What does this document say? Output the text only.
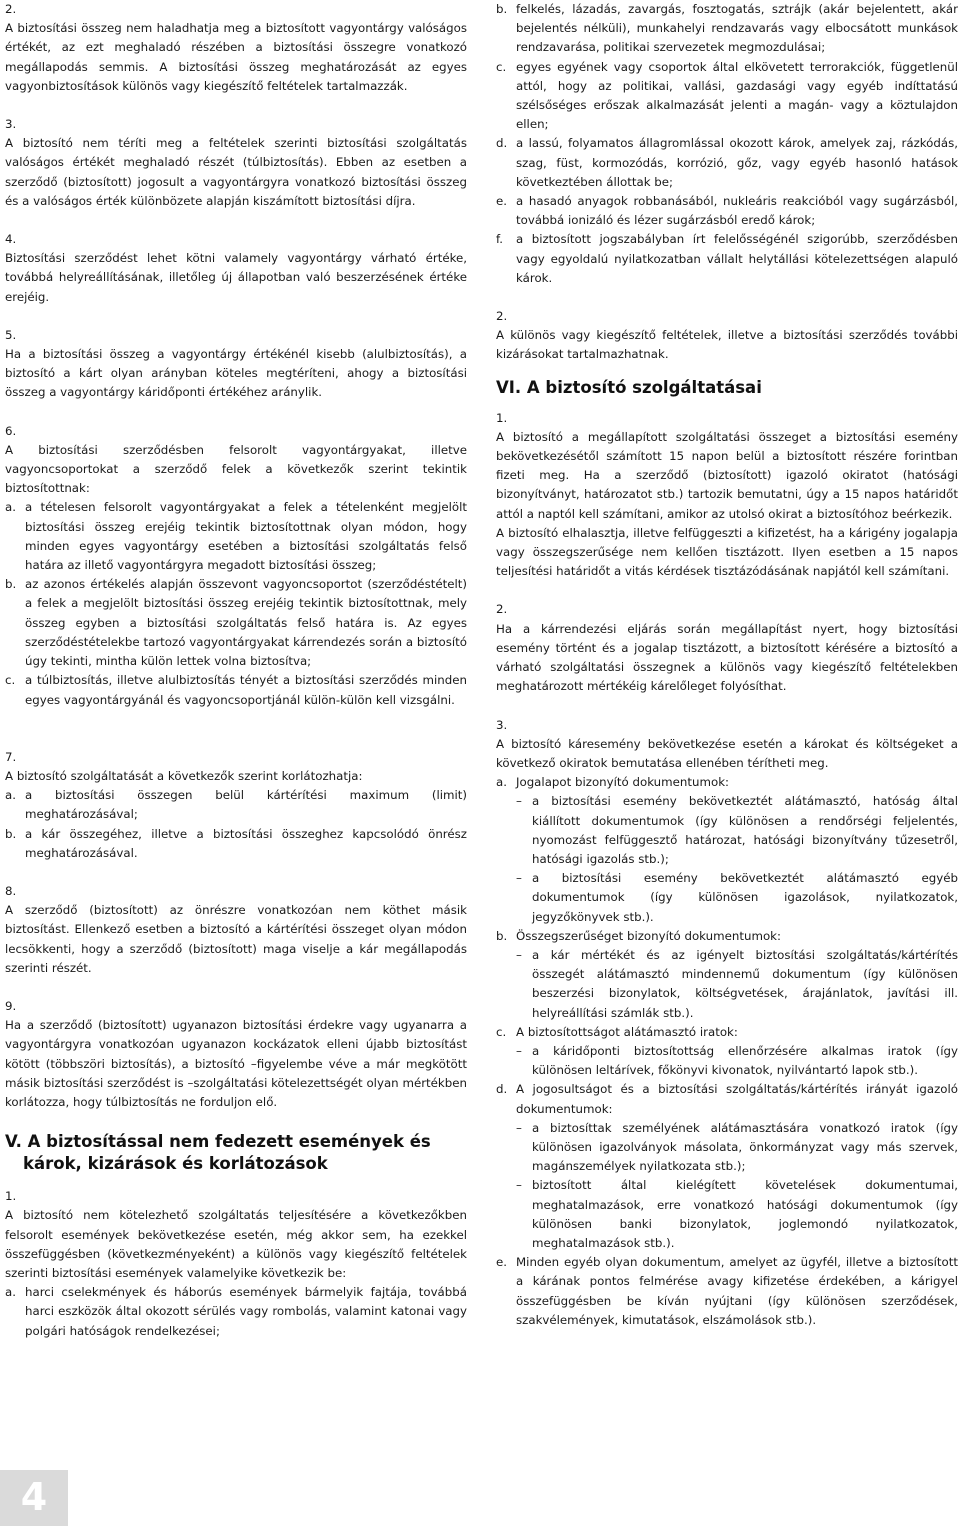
2.

A biztosítási összeg nem haladhatja meg a biztosított vagyontárgy valóságos értékét, az ezt meghaladó részében a biztosítási összegre vonatkozó megállapodás semmis. A biztosítási összeg meghatározását az egyes vagyonbiztosítások különös vagy kiegészítő feltételek tartalmazzák.

3.

A biztosító nem téríti meg a feltételek szerinti biztosítási szolgáltatás valóságos értékét meghaladó részét (túlbiztosítás). Ebben az esetben a szerződő (biztosított) jogosult a vagyontárgyra vonatkozó biztosítási összeg és a valóságos érték különbözete alapján kiszámított biztosítási díjra.

4.

Biztosítási szerződést lehet kötni valamely vagyontárgy várható értéke, továbbá helyreállításának, illetőleg új állapotban való beszerzésének értéke erejéig.

5.

Ha a biztosítási összeg a vagyontárgy értékénél kisebb (alulbiztosítás), a biztosító a kárt olyan arányban köteles megtéríteni, ahogy a biztosítási összeg a vagyontárgy káridőponti értékéhez aránylik.

6.

A biztosítási szerződésben felsorolt vagyontárgyakat, illetve vagyoncsoportokat a szerződő felek a következők szerint tekintik biztosítottnak:

a. a tételesen felsorolt vagyontárgyakat a felek a tételenként megjelölt biztosítási összeg erejéig tekintik biztosítottnak olyan módon, hogy minden egyes vagyontárgy esetében a biztosítási szolgáltatás felső határa az illető vagyontárgyra megadott biztosítási összeg;
b. az azonos értékelés alapján összevont vagyoncsoportot (szerződéstételt) a felek a megjelölt biztosítási összeg erejéig tekintik biztosítottnak, mely összeg egyben a biztosítási szolgáltatás felső határa is. Az egyes szerződéstételekbe tartozó vagyontárgyakat kárrendezés során a biztosító úgy tekinti, mintha külön lettek volna biztosítva;
c. a túlbiztosítás, illetve alulbiztosítás tényét a biztosítási szerződés minden egyes vagyontárgyánál és vagyoncsoportjánál külön-külön kell vizsgálni.

7.

A biztosító szolgáltatását a következők szerint korlátozhatja:

a. a biztosítási összegen belül kártérítési maximum (limit) meghatározásával;
b. a kár összegéhez, illetve a biztosítási összeghez kapcsolódó önrész meghatározásával.

8.

A szerződő (biztosított) az önrészre vonatkozóan nem köthet másik biztosítást. Ellenkező esetben a biztosító a kártérítési összeget olyan módon lecsökkenti, hogy a szerződő (biztosított) maga viselje a kár megállapodás szerinti részét.

9.

Ha a szerződő (biztosított) ugyanazon biztosítási érdekre vagy ugyanarra a vagyontárgyra vonatkozóan ugyanazon kockázatok elleni újabb biztosítást kötött (többszöri biztosítás), a biztosító –figyelembe véve a már megkötött másik biztosítási szerződést is –szolgáltatási kötelezettségét olyan mértékben korlátozza, hogy túlbiztosítás ne forduljon elő.

V. A biztosítással nem fedezett események és károk, kizárások és korlátozások

1.

A biztosító nem kötelezhető szolgáltatás teljesítésére a következőkben felsorolt események bekövetkezése esetén, még akkor sem, ha ezekkel összefüggésben (következményeként) a különös vagy kiegészítő feltételek szerinti biztosítási események valamelyike következik be:

a. harci cselekmények és háborús események bármelyik fajtája, továbbá harci eszközök által okozott sérülés vagy rombolás, valamint katonai vagy polgári hatóságok rendelkezései;
b. felkelés, lázadás, zavargás, fosztogatás, sztrájk (akár bejelentett, akár bejelentés nélküli), munkahelyi rendzavarás vagy elbocsátott munkások rendzavarása, politikai szervezetek megmozdulásai;
c. egyes egyének vagy csoportok által elkövetett terrorakciók, függetlenül attól, hogy az politikai, vallási, gazdasági vagy egyéb indíttatású szélsőséges erőszak alkalmazását jelenti a magán- vagy a köztulajdon ellen;
d. a lassú, folyamatos állagromlással okozott károk, amelyek zaj, rázkódás, szag, füst, kormozódás, korrózió, gőz, vagy egyéb hasonló hatások következtében állottak be;
e. a hasadó anyagok robbanásából, nukleáris reakcióból vagy sugárzásból, továbbá ionizáló és lézer sugárzásból eredő károk;
f.	a biztosított jogszabályban írt felelősségénél szigorúbb, szerződésben vagy egyoldalú nyilatkozatban vállalt helytállási kötelezettségen alapuló károk.

2.

A különös vagy kiegészítő feltételek, illetve a biztosítási szerződés további kizárásokat tartalmazhatnak.

VI. A biztosító szolgáltatásai

1.

A biztosító a megállapított szolgáltatási összeget a biztosítási esemény bekövetkezésétől számított 15 napon belül a biztosított részére forintban fizeti meg. Ha a szerződő (biztosított) igazoló okiratot (hatósági bizonyítványt, határozatot stb.) tartozik bemutatni, úgy a 15 napos határidőt attól a naptól kell számítani, amikor az utolsó okirat a biztosítóhoz beérkezik.

A biztosító elhalasztja, illetve felfüggeszti a kifizetést, ha a kárigény jogalapja vagy összegszerűsége nem kellően tisztázott. Ilyen esetben a 15 napos teljesítési határidőt a vitás kérdések tisztázódásának napjától kell számítani.

2.

Ha a kárrendezési eljárás során megállapítást nyert, hogy biztosítási esemény történt és a jogalap tisztázott, a biztosított kérésére a biztosító a várható szolgáltatási összegnek a különös vagy kiegészítő feltételekben meghatározott mértékéig kárelőleget folyósíthat.

3.

A biztosító káresemény bekövetkezése esetén a károkat és költségeket a következő okiratok bemutatása ellenében térítheti meg.

a. Jogalapot bizonyító dokumentumok:
– a biztosítási esemény bekövetkeztét alátámasztó, hatóság által kiállított dokumentumok (így különösen a rendőrségi feljelentés, nyomozást felfüggesztő határozat, hatósági bizonyítvány tűzesetről, hatósági igazolás stb.);
– a biztosítási esemény bekövetkeztét alátámasztó egyéb dokumentumok (így különösen igazolások, nyilatkozatok, jegyzőkönyvek stb.).
b. Összegszerűséget bizonyító dokumentumok:
– a kár mértékét és az igényelt biztosítási szolgáltatás/kártérítés összegét alátámasztó mindennemű dokumentum (így különösen beszerzési bizonylatok, költségvetések, árajánlatok, javítási ill. helyreállítási számlák stb.).
c. A biztosítottságot alátámasztó iratok:
– a káridőponti biztosítottság ellenőrzésére alkalmas iratok (így különösen leltárívek, főkönyvi kivonatok, nyilvántartó lapok stb.).
d. A jogosultságot és a biztosítási szolgáltatás/kártérítés irányát igazoló dokumentumok:
– a biztosíttak személyének alátámasztására vonatkozó iratok (így különösen igazolványok másolata, önkormányzat vagy más szervek, magánszemélyek nyilatkozata stb.);
– biztosított által kielégített követelések dokumentumai, meghatalmazások, erre vonatkozó hatósági dokumentumok (így különösen banki bizonylatok, joglemondó nyilatkozatok, meghatalmazások stb.).
e. Minden egyéb olyan dokumentum, amelyet az ügyfél, illetve a biztosított a kárának pontos felmérése avagy kifizetése érdekében, a kárigyel összefüggésben be kíván nyújtani (így különösen szerződések, szakvélemények, kimutatások, elszámolások stb.).
4
